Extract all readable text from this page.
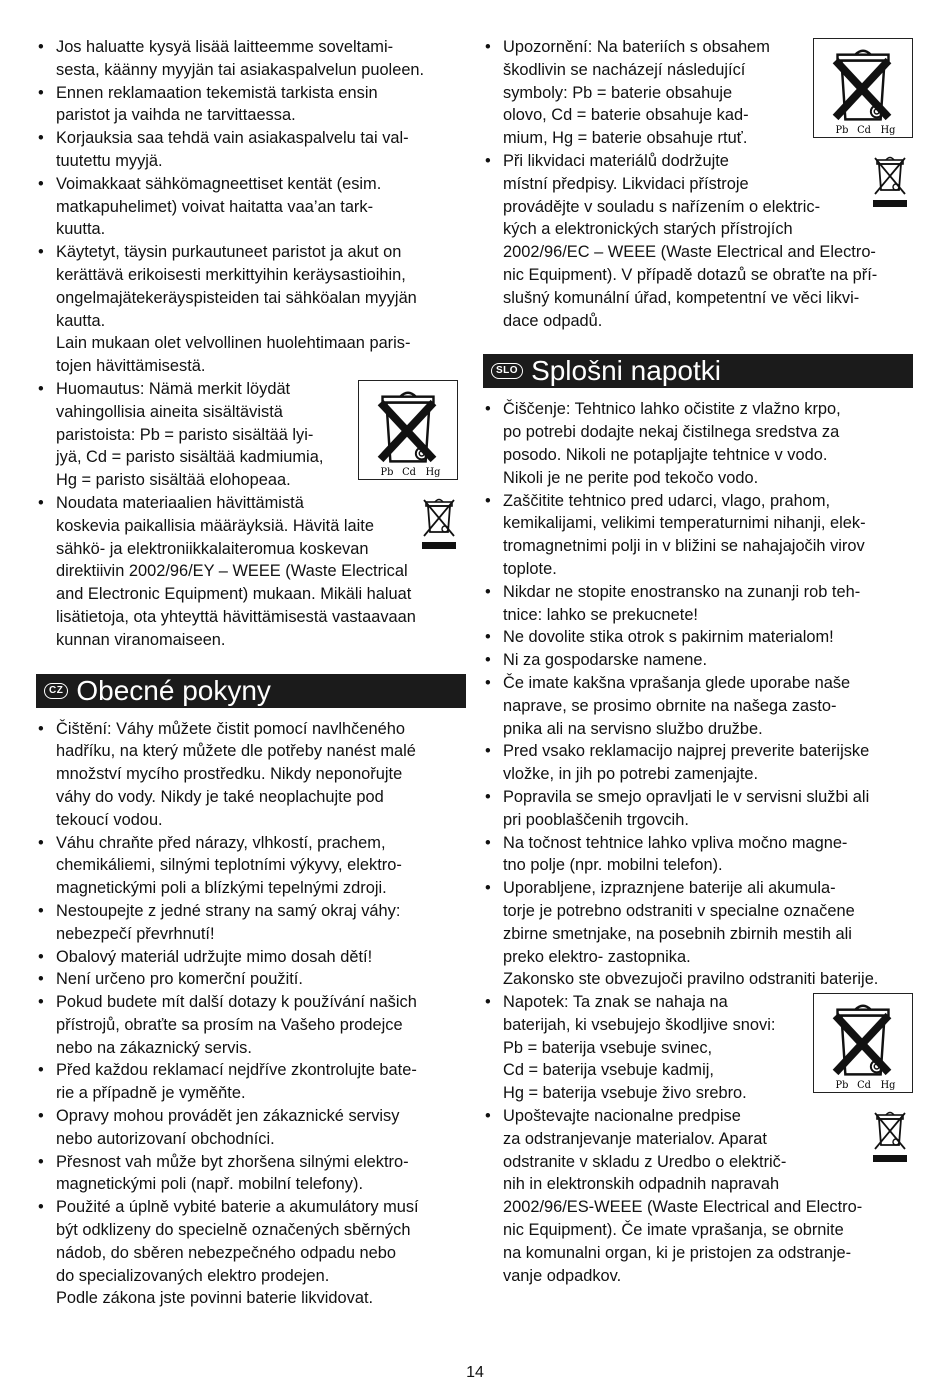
• Jos haluatte kysyä lisää laitteemme soveltami-

sesta, käänny myyjän tai asiakaspalvelun puoleen.

• Ennen reklamaation tekemistä tarkista ensin

paristot ja vaihda ne tarvittaessa.

• Korjauksia saa tehdä vain asiakaspalvelu tai val-

tuutettu myyjä.

• Voimakkaat sähkömagneettiset kentät (esim.

matkapuhelimet) voivat haitatta vaa’an tark-

kuutta.

• Käytetyt, täysin purkautuneet paristot ja akut on

kerättävä erikoisesti merkittyihin keräysastioihin,

ongelmajätekeräyspisteiden tai sähköalan myyjän

kautta.

Lain mukaan olet velvollinen huolehtimaan paris-

tojen hävittämisestä.

• Pb Cd Hg

Huomautus: Nämä merkit löydät

vahingollisia aineita sisältävistä

paristoista: Pb = paristo sisältää lyi-

jyä, Cd = paristo sisältää kadmiumia,

Hg = paristo sisältää elohopeaa.

• Noudata materiaalien hävittämistä

koskevia paikallisia määräyksiä. Hävitä laite

sähkö- ja elektroniikkalaiteromua koskevan

direktiivin 2002/96/EY – WEEE (Waste Electrical

and Electronic Equipment) mukaan. Mikäli haluat

lisätietoja, ota yhteyttä hävittämisestä vastaavaan

kunnan viranomaiseen.

CZ Obecné pokyny

• Čištění: Váhy můžete čistit pomocí navlhčeného

hadříku, na který můžete dle potřeby nanést malé

množství mycího prostředku. Nikdy neponořujte

váhy do vody. Nikdy je také neoplachujte pod

tekoucí vodou.

• Váhu chraňte před nárazy, vlhkostí, prachem,

chemikáliemi, silnými teplotními výkyvy, elektro-

magnetickými poli a blízkými tepelnými zdroji.

• Nestoupejte z jedné strany na samý okraj váhy:

nebezpečí převrhnutí!

• Obalový materiál udržujte mimo dosah dětí!

• Není určeno pro komerční použití.

• Pokud budete mít další dotazy k používání našich

přístrojů, obraťte sa prosím na Vašeho prodejce

nebo na zákaznický servis.

• Před každou reklamací nejdříve zkontrolujte bate-

rie a případně je vyměňte.

• Opravy mohou provádět jen zákaznické servisy

nebo autorizovaní obchodníci.

• Přesnost vah může byt zhoršena silnými elektro-

magnetickými poli (např. mobilní telefony).

• Použité a úplně vybité baterie a akumulátory musí

být odklizeny do specielně označených sběrných

nádob, do sběren nebezpečného odpadu nebo

do specializovaných elektro prodejen.

Podle zákona jste povinni baterie likvidovat.

• Pb Cd Hg

Upozornění: Na bateriích s obsahem

škodlivin se nacházejí následující

symboly: Pb = baterie obsahuje

olovo, Cd = baterie obsahuje kad-

mium, Hg = baterie obsahuje rtuť.

• Při likvidaci materiálů dodržujte

místní předpisy. Likvidaci přístroje

provádějte v souladu s nařízením o elektric-

kých a elektronických starých přístrojích

2002/96/EC – WEEE (Waste Electrical and Electro-

nic Equipment). V případě dotazů se obraťte na pří-

slušný komunální úřad, kompetentní ve věci likvi-

dace odpadů.

SLO Splošni napotki

• Čiščenje: Tehtnico lahko očistite z vlažno krpo,

po potrebi dodajte nekaj čistilnega sredstva za

posodo. Nikoli ne potapljajte tehtnice v vodo.

Nikoli je ne perite pod tekočo vodo.

• Zaščitite tehtnico pred udarci, vlago, prahom,

kemikalijami, velikimi temperaturnimi nihanji, elek-

tromagnetnimi polji in v bližini se nahajajočih virov

toplote.

• Nikdar ne stopite enostransko na zunanji rob teh-

tnice: lahko se prekucnete!

• Ne dovolite stika otrok s pakirnim materialom!

• Ni za gospodarske namene.

• Če imate kakšna vprašanja glede uporabe naše

naprave, se prosimo obrnite na našega zasto-

pnika ali na servisno službo družbe.

• Pred vsako reklamacijo najprej preverite baterijske

vložke, in jih po potrebi zamenjajte.

• Popravila se smejo opravljati le v servisni službi ali

pri pooblaščenih trgovcih.

• Na točnost tehtnice lahko vpliva močno magne-

tno polje (npr. mobilni telefon).

• Uporabljene, izpraznjene baterije ali akumula-

torje je potrebno odstraniti v specialne označene

zbirne smetnjake, na posebnih zbirnih mestih ali

preko elektro- zastopnika.

Zakonsko ste obvezujoči pravilno odstraniti baterije.

• Pb Cd Hg

Napotek: Ta znak se nahaja na

baterijah, ki vsebujejo škodljive snovi:

Pb = baterija vsebuje svinec,

Cd = baterija vsebuje kadmij,

Hg = baterija vsebuje živo srebro.

• Upoštevajte nacionalne predpise

za odstranjevanje materialov. Aparat

odstranite v skladu z Uredbo o električ-

nih in elektronskih odpadnih napravah

2002/96/ES-WEEE (Waste Electrical and Electro-

nic Equipment). Če imate vprašanja, se obrnite

na komunalni organ, ki je pristojen za odstranje-

vanje odpadkov.

14
